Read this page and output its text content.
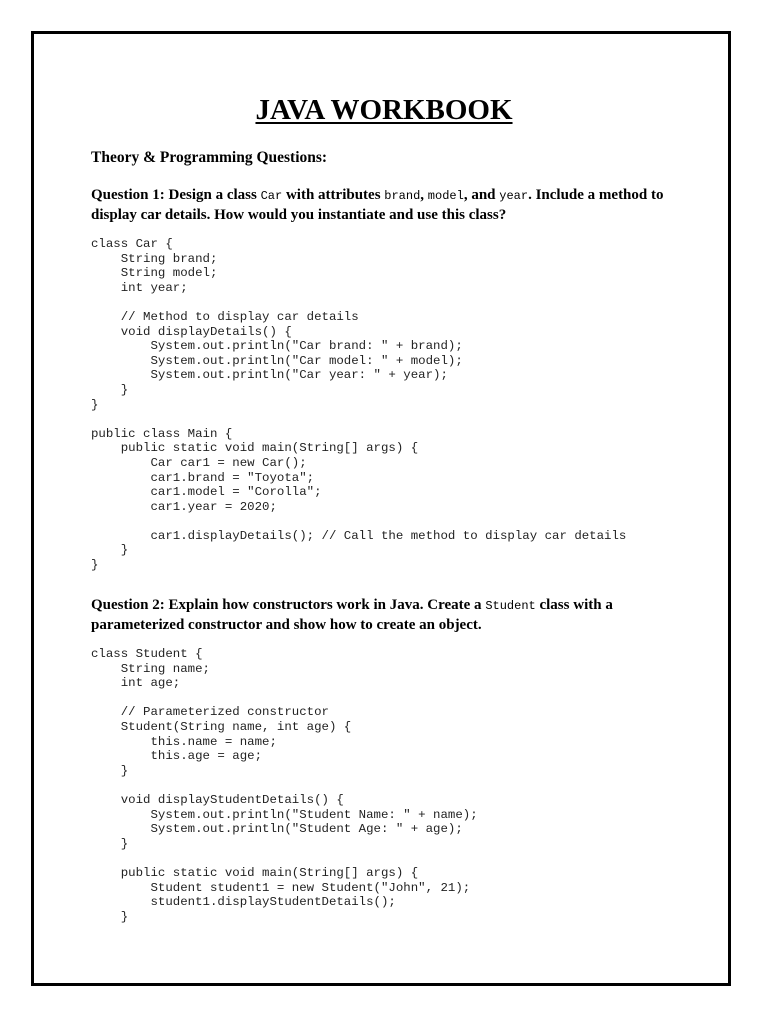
JAVA WORKBOOK
Theory & Programming Questions:

Question 1: Design a class Car with attributes brand, model, and year. Include a method to display car details. How would you instantiate and use this class?

class Car {
String brand;
String model;
int year;
// Method to display car details
void displayDetails() {
System.out.println("Car brand: " + brand);
System.out.println("Car model: " + model);
System.out.println("Car year: " + year);
}
}
public class Main {
public static void main(String[] args) {
Car car1 = new Car();
car1.brand = "Toyota";
car1.model = "Corolla";
car1.year = 2020;
car1.displayDetails(); // Call the method to display car details
}
}

Question 2: Explain how constructors work in Java. Create a Student class with a parameterized constructor and show how to create an object.

class Student {
String name;
int age;
// Parameterized constructor
Student(String name, int age) {
this.name = name;
this.age = age;
}
void displayStudentDetails() {
System.out.println("Student Name: " + name);
System.out.println("Student Age: " + age);
}
public static void main(String[] args) {
Student student1 = new Student("John", 21);
student1.displayStudentDetails();
}
